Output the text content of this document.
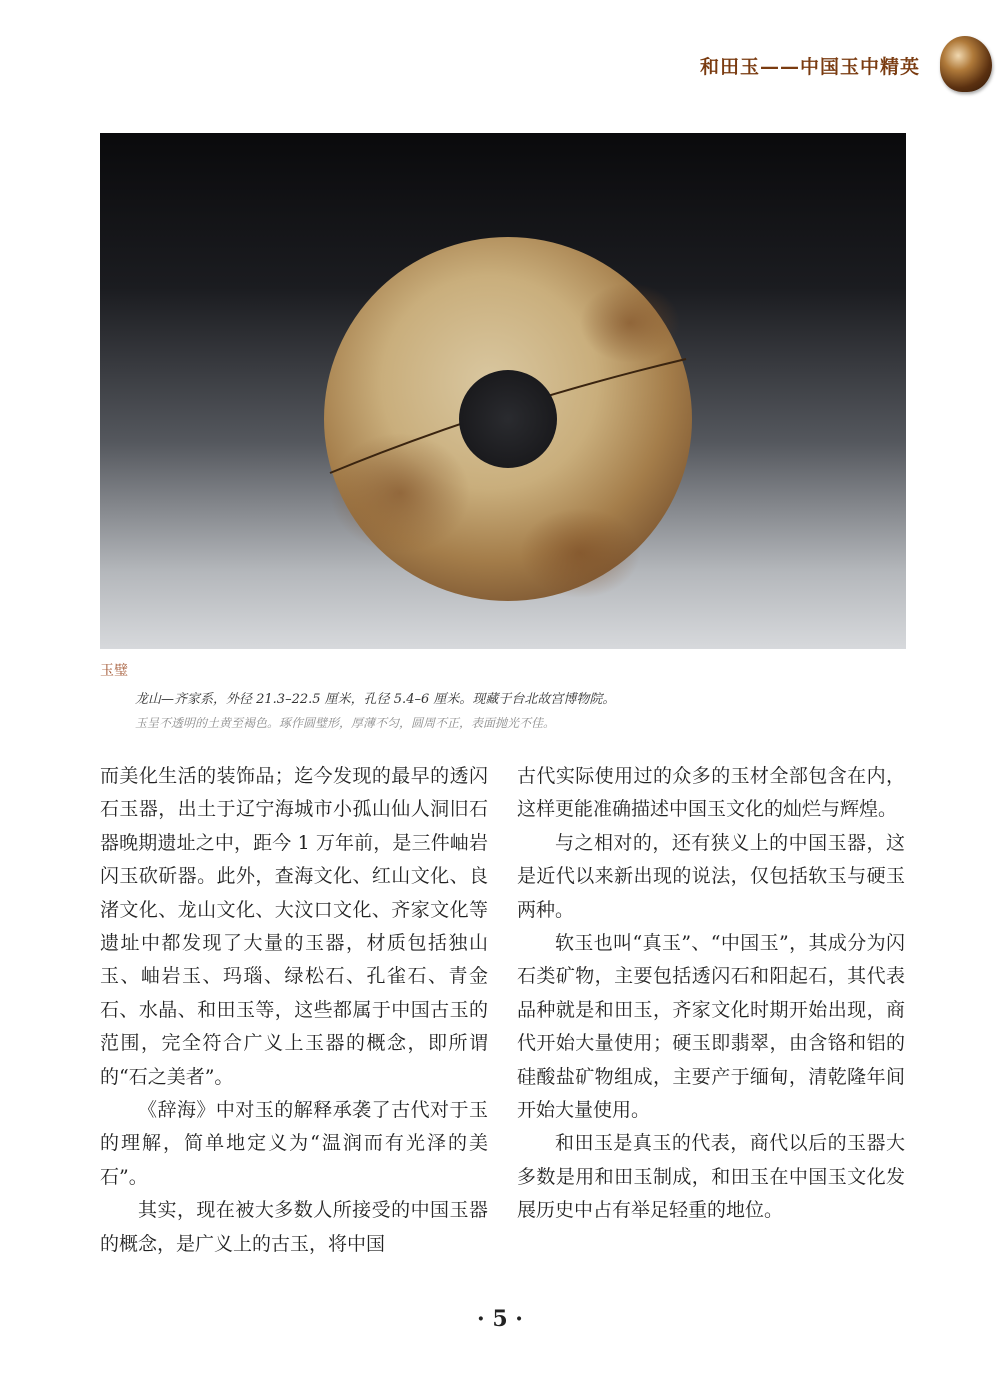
和田玉——中国玉中精英
玉璧
龙山—齐家系，外径 21.3–22.5 厘米，孔径 5.4–6 厘米。现藏于台北故宫博物院。
玉呈不透明的土黄至褐色。琢作圆璧形，厚薄不匀，圆周不正，表面抛光不佳。

而美化生活的装饰品；迄今发现的最早的透闪石玉器，出土于辽宁海城市小孤山仙人洞旧石器晚期遗址之中，距今 1 万年前，是三件岫岩闪玉砍斫器。此外，查海文化、红山文化、良渚文化、龙山文化、大汶口文化、齐家文化等遗址中都发现了大量的玉器，材质包括独山玉、岫岩玉、玛瑙、绿松石、孔雀石、青金石、水晶、和田玉等，这些都属于中国古玉的范围，完全符合广义上玉器的概念，即所谓的“石之美者”。

《辞海》中对玉的解释承袭了古代对于玉的理解，简单地定义为“温润而有光泽的美石”。

其实，现在被大多数人所接受的中国玉器的概念，是广义上的古玉，将中国

古代实际使用过的众多的玉材全部包含在内，这样更能准确描述中国玉文化的灿烂与辉煌。

与之相对的，还有狭义上的中国玉器，这是近代以来新出现的说法，仅包括软玉与硬玉两种。

软玉也叫“真玉”、“中国玉”，其成分为闪石类矿物，主要包括透闪石和阳起石，其代表品种就是和田玉，齐家文化时期开始出现，商代开始大量使用；硬玉即翡翠，由含铬和铝的硅酸盐矿物组成，主要产于缅甸，清乾隆年间开始大量使用。

和田玉是真玉的代表，商代以后的玉器大多数是用和田玉制成，和田玉在中国玉文化发展历史中占有举足轻重的地位。

· 5 ·
